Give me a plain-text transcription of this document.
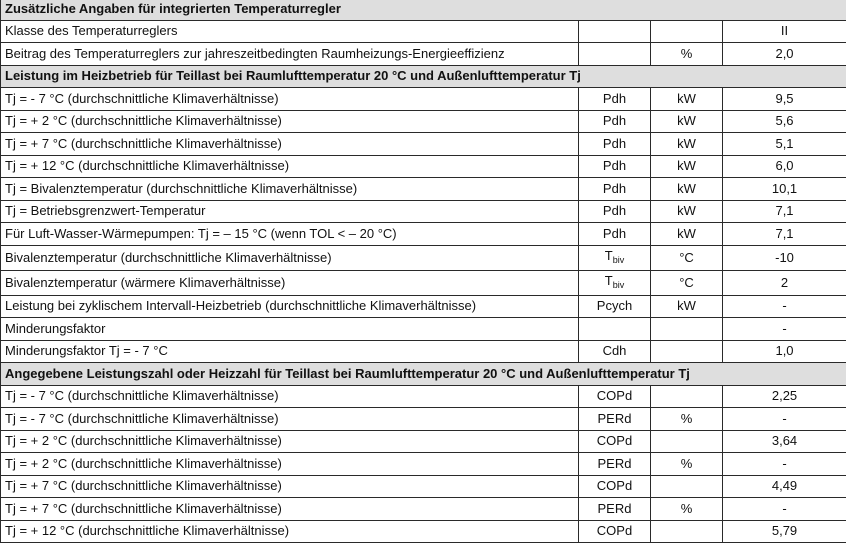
Zusätzliche Angaben für integrierten Temperaturregler			
Klasse des Temperaturreglers			II
Beitrag des Temperaturreglers zur jahreszeitbedingten Raumheizungs-Energieeffizienz		%	2,0
Leistung im Heizbetrieb für Teillast bei Raumlufttemperatur 20 °C und Außenlufttemperatur Tj			
Tj = - 7 °C (durchschnittliche Klimaverhältnisse)	Pdh	kW	9,5
Tj = + 2 °C (durchschnittliche Klimaverhältnisse)	Pdh	kW	5,6
Tj = + 7 °C (durchschnittliche Klimaverhältnisse)	Pdh	kW	5,1
Tj = + 12 °C (durchschnittliche Klimaverhältnisse)	Pdh	kW	6,0
Tj = Bivalenztemperatur (durchschnittliche Klimaverhältnisse)	Pdh	kW	10,1
Tj = Betriebsgrenzwert-Temperatur	Pdh	kW	7,1
Für Luft-Wasser-Wärmepumpen: Tj = – 15 °C (wenn TOL < – 20 °C)	Pdh	kW	7,1
Bivalenztemperatur (durchschnittliche Klimaverhältnisse)	$T_{biv}$	°C	-10
Bivalenztemperatur (wärmere Klimaverhältnisse)	$T_{biv}$	°C	2
Leistung bei zyklischem Intervall-Heizbetrieb (durchschnittliche Klimaverhältnisse)	Pcych	kW	-
Minderungsfaktor			-
Minderungsfaktor Tj = - 7 °C	Cdh		1,0
Angegebene Leistungszahl oder Heizzahl für Teillast bei Raumlufttemperatur 20 °C und Außenlufttemperatur Tj			
Tj = - 7 °C (durchschnittliche Klimaverhältnisse)	COPd		2,25
Tj = - 7 °C (durchschnittliche Klimaverhältnisse)	PERd	%	-
Tj = + 2 °C (durchschnittliche Klimaverhältnisse)	COPd		3,64
Tj = + 2 °C (durchschnittliche Klimaverhältnisse)	PERd	%	-
Tj = + 7 °C (durchschnittliche Klimaverhältnisse)	COPd		4,49
Tj = + 7 °C (durchschnittliche Klimaverhältnisse)	PERd	%	-
Tj = + 12 °C (durchschnittliche Klimaverhältnisse)	COPd		5,79
